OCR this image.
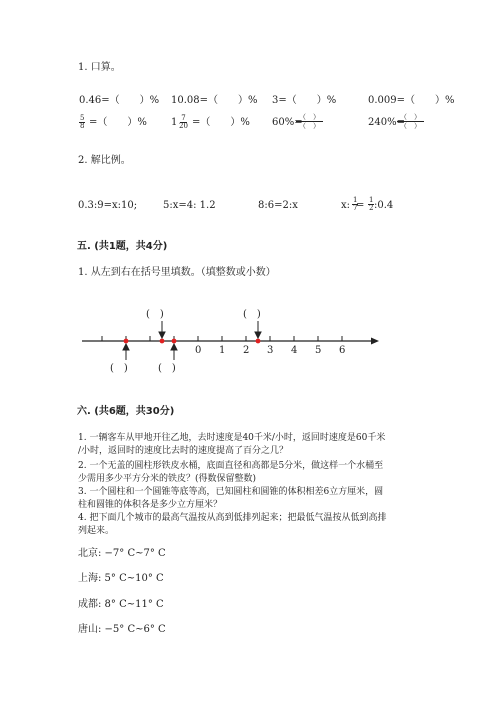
1. 口算。
0.46=（　　）% 10.08=（　　）% 3=（　　）%	0.009=（　　）%
$\frac{5}{8}$ =（　　）% $1 \frac{7}{20}$ =（　　）% 60%=
（　）
（　）	240%=
（　）
（　）
2. 解比例。
0.3:9=x:10;	5:x=4: 1.2	8:6=2:x	x: $\frac{1}{7}$
= $\frac{1}{2}$ :0.4
五. (共1题，共4分)
1. 从左到右在括号里填数。（填整数或小数）
(　)	(　)
(　)	(　)
0 1 2 3 4 5 6
六. (共6题，共30分)
1. 一辆客车从甲地开往乙地，去时速度是40千米/小时，返回时速度是60千米
/小时，返回时的速度比去时的速度提高了百分之几？
2. 一个无盖的圆柱形铁皮水桶，底面直径和高都是5分米，做这样一个水桶至
少需用多少平方分米的铁皮？(得数保留整数)
3. 一个圆柱和一个圆锥等底等高，已知圆柱和圆锥的体积相差6立方厘米，圆
柱和圆锥的体积各是多少立方厘米？
4. 把下面几个城市的最高气温按从高到低排列起来；把最低气温按从低到高排
列起来。
北京: −7° C~7° C
上海: 5° C~10° C
成都: 8° C~11° C
唐山: −5° C~6° C
